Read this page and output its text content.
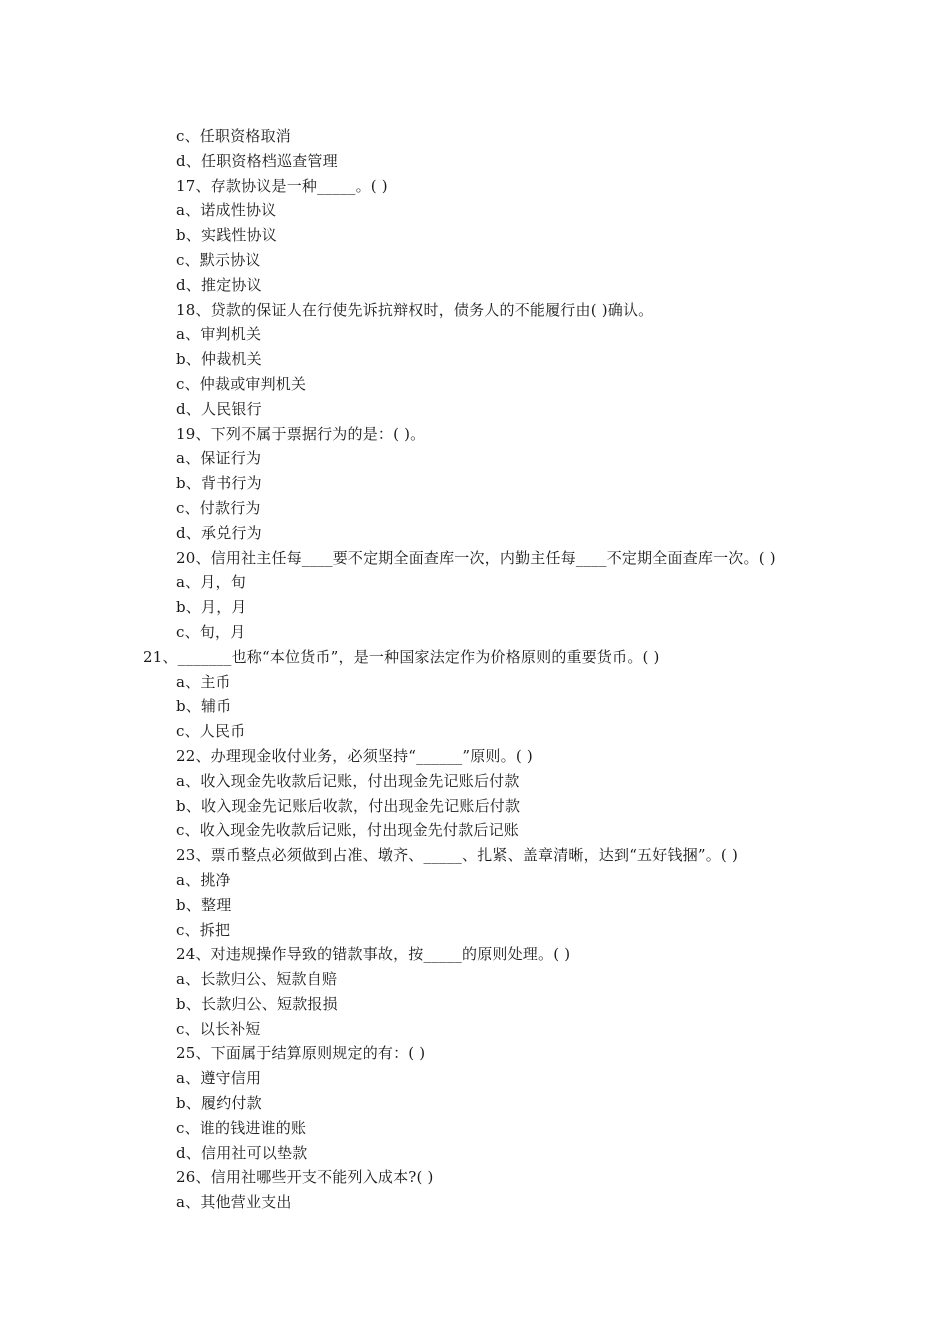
c、任职资格取消
d、任职资格档巡查管理
17、存款协议是一种_____。( )
a、诺成性协议
b、实践性协议
c、默示协议
d、推定协议
18、贷款的保证人在行使先诉抗辩权时，债务人的不能履行由( )确认。
a、审判机关
b、仲裁机关
c、仲裁或审判机关
d、人民银行
19、下列不属于票据行为的是：( )。
a、保证行为
b、背书行为
c、付款行为
d、承兑行为
20、信用社主任每____要不定期全面查库一次，内勤主任每____不定期全面查库一次。( )
a、月，旬
b、月，月
c、旬，月
21、_______也称“本位货币”，是一种国家法定作为价格原则的重要货币。( )
a、主币
b、辅币
c、人民币
22、办理现金收付业务，必须坚持“______”原则。( )
a、收入现金先收款后记账，付出现金先记账后付款
b、收入现金先记账后收款，付出现金先记账后付款
c、收入现金先收款后记账，付出现金先付款后记账
23、票币整点必须做到占准、墩齐、_____、扎紧、盖章清晰，达到“五好钱捆”。( )
a、挑净
b、整理
c、拆把
24、对违规操作导致的错款事故，按_____的原则处理。( )
a、长款归公、短款自赔
b、长款归公、短款报损
c、以长补短
25、下面属于结算原则规定的有：( )
a、遵守信用
b、履约付款
c、谁的钱进谁的账
d、信用社可以垫款
26、信用社哪些开支不能列入成本?( )
a、其他营业支出
